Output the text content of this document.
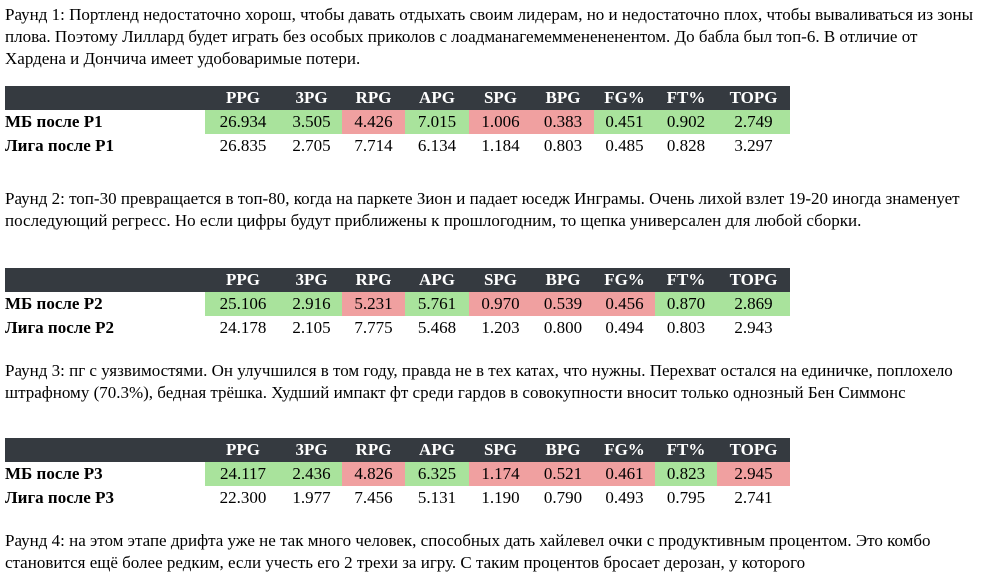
Раунд 1: Портленд недостаточно хорош, чтобы давать отдыхать своим лидерам, но и недостаточно плох, чтобы вываливаться из зоны плова. Поэтому Лиллард будет играть без особых приколов с лоадманагемемменененентом. До бабла был топ-6. В отличие от Хардена и Дончича имеет удобоваримые потери.

	PPG	3PG	RPG	APG	SPG	BPG	FG%	FT%	TOPG
МБ после Р1	26.934	3.505	4.426	7.015	1.006	0.383	0.451	0.902	2.749
Лига после Р1	26.835	2.705	7.714	6.134	1.184	0.803	0.485	0.828	3.297

Раунд 2: топ-30 превращается в топ-80, когда на паркете Зион и падает юседж Инграмы. Очень лихой взлет 19-20 иногда знаменует последующий регресс. Но если цифры будут приближены к прошлогодним, то щепка универсален для любой сборки.

	PPG	3PG	RPG	APG	SPG	BPG	FG%	FT%	TOPG
МБ после Р2	25.106	2.916	5.231	5.761	0.970	0.539	0.456	0.870	2.869
Лига после Р2	24.178	2.105	7.775	5.468	1.203	0.800	0.494	0.803	2.943

Раунд 3: пг с уязвимостями. Он улучшился в том году, правда не в тех катах, что нужны. Перехват остался на единичке, поплохело штрафному (70.3%), бедная трёшка. Худший импакт фт среди гардов в совокупности вносит только однозный Бен Симмонс

	PPG	3PG	RPG	APG	SPG	BPG	FG%	FT%	TOPG
МБ после Р3	24.117	2.436	4.826	6.325	1.174	0.521	0.461	0.823	2.945
Лига после Р3	22.300	1.977	7.456	5.131	1.190	0.790	0.493	0.795	2.741

Раунд 4: на этом этапе дрифта уже не так много человек, способных дать хайлевел очки с продуктивным процентом. Это комбо становится ещё более редким, если учесть его 2 трехи за игру. С таким процентов бросает дерозан, у которого
